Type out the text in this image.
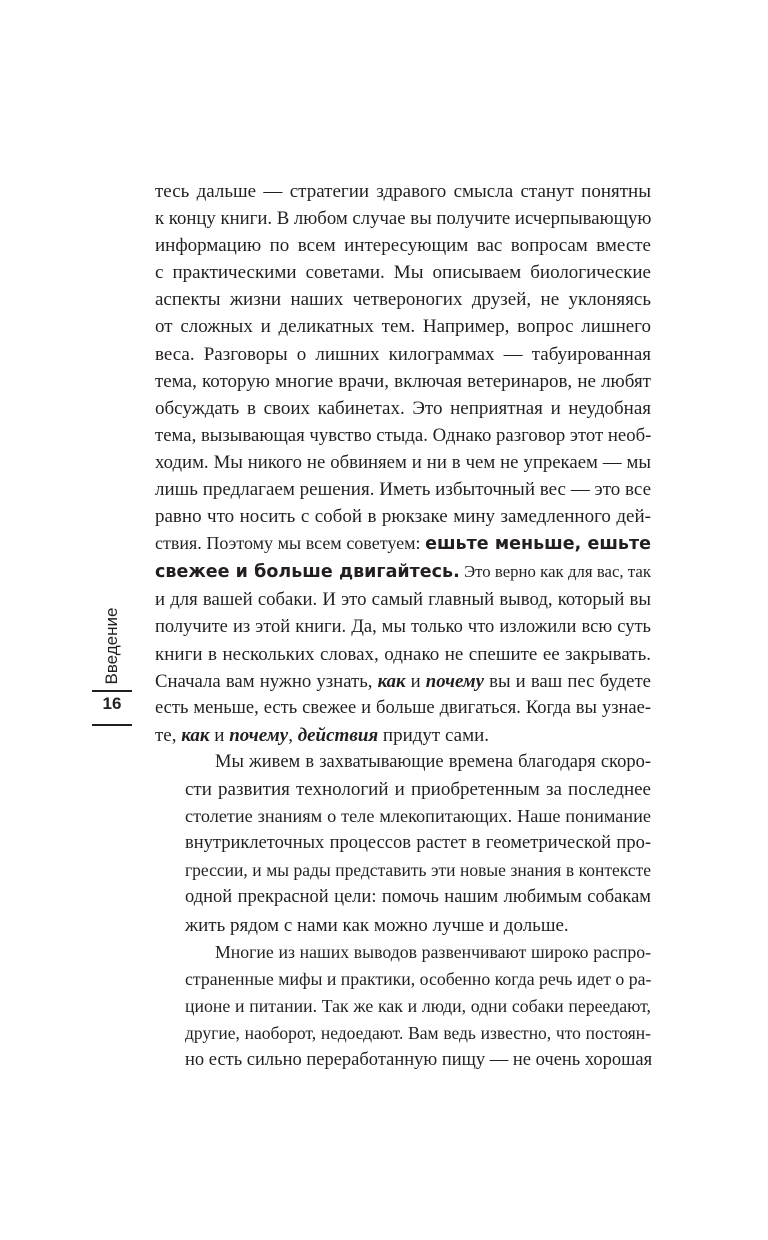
Введение
16

тесь дальше — стратегии здравого смысла станут понятны
к концу книги. В любом случае вы получите исчерпывающую
информацию по всем интересующим вас вопросам вместе
с практическими советами. Мы описываем биологические
аспекты жизни наших четвероногих друзей, не уклоняясь
от сложных и деликатных тем. Например, вопрос лишнего
веса. Разговоры о лишних килограммах — табуированная
тема, которую многие врачи, включая ветеринаров, не любят
обсуждать в своих кабинетах. Это неприятная и неудобная
тема, вызывающая чувство стыда. Однако разговор этот необ-
ходим. Мы никого не обвиняем и ни в чем не упрекаем — мы
лишь предлагаем решения. Иметь избыточный вес — это все
равно что носить с собой в рюкзаке мину замедленного дей-
ствия. Поэтому мы всем советуем: ешьте меньше, ешьте
свежее и больше двигайтесь. Это верно как для вас, так
и для вашей собаки. И это самый главный вывод, который вы
получите из этой книги. Да, мы только что изложили всю суть
книги в нескольких словах, однако не спешите ее закрывать.
Сначала вам нужно узнать, как и почему вы и ваш пес будете
есть меньше, есть свежее и больше двигаться. Когда вы узнае-
те, как и почему, действия придут сами.

Мы живем в захватывающие времена благодаря скоро-
сти развития технологий и приобретенным за последнее
столетие знаниям о теле млекопитающих. Наше понимание
внутриклеточных процессов растет в геометрической про-
грессии, и мы рады представить эти новые знания в контексте
одной прекрасной цели: помочь нашим любимым собакам
жить рядом с нами как можно лучше и дольше.

Многие из наших выводов развенчивают широко распро-
страненные мифы и практики, особенно когда речь идет о ра-
ционе и питании. Так же как и люди, одни собаки переедают,
другие, наоборот, недоедают. Вам ведь известно, что постоян-
но есть сильно переработанную пищу — не очень хорошая
